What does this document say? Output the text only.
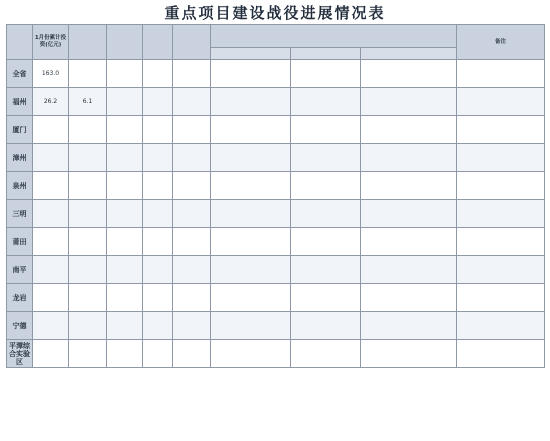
重点项目建设战役进展情况表
	1月份累计投资(亿元)								备注

全省	163.0								
福州	26.2	6.1							
厦门									
漳州									
泉州									
三明									
莆田									
南平									
龙岩									
宁德									
平潭综合实验区									
